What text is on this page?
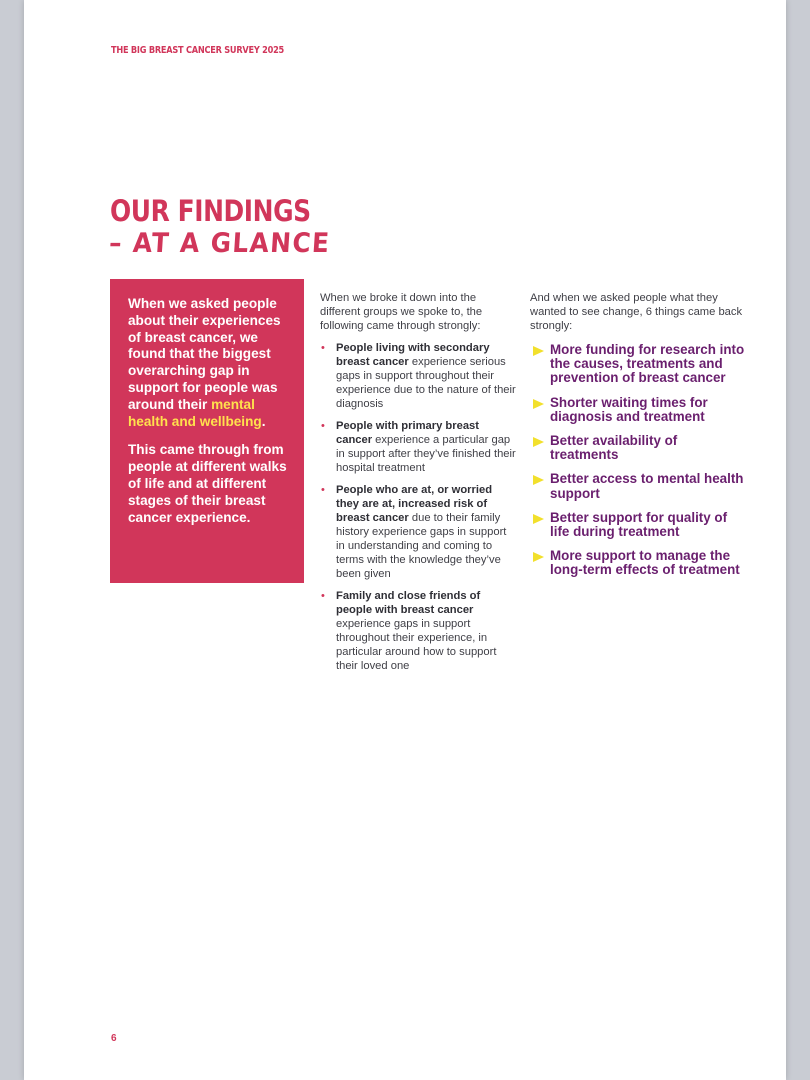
THE BIG BREAST CANCER SURVEY 2025
OUR FINDINGS
– AT A GLANCE

When we asked people about their experiences of breast cancer, we found that the biggest overarching gap in support for people was around their mental health and wellbeing.

This came through from people at different walks of life and at different stages of their breast cancer experience.

When we broke it down into the different groups we spoke to, the following came through strongly:

• People living with secondary breast cancer experience serious gaps in support throughout their experience due to the nature of their diagnosis
• People with primary breast cancer experience a particular gap in support after they’ve finished their hospital treatment
• People who are at, or worried they are at, increased risk of breast cancer due to their family history experience gaps in support in understanding and coming to terms with the knowledge they’ve been given
• Family and close friends of people with breast cancer experience gaps in support throughout their experience, in particular around how to support their loved one

And when we asked people what they wanted to see change, 6 things came back strongly:

More funding for research into the causes, treatments and prevention of breast cancer
Shorter waiting times for diagnosis and treatment
Better availability of treatments
Better access to mental health support
Better support for quality of life during treatment
More support to manage the long-term effects of treatment
6
